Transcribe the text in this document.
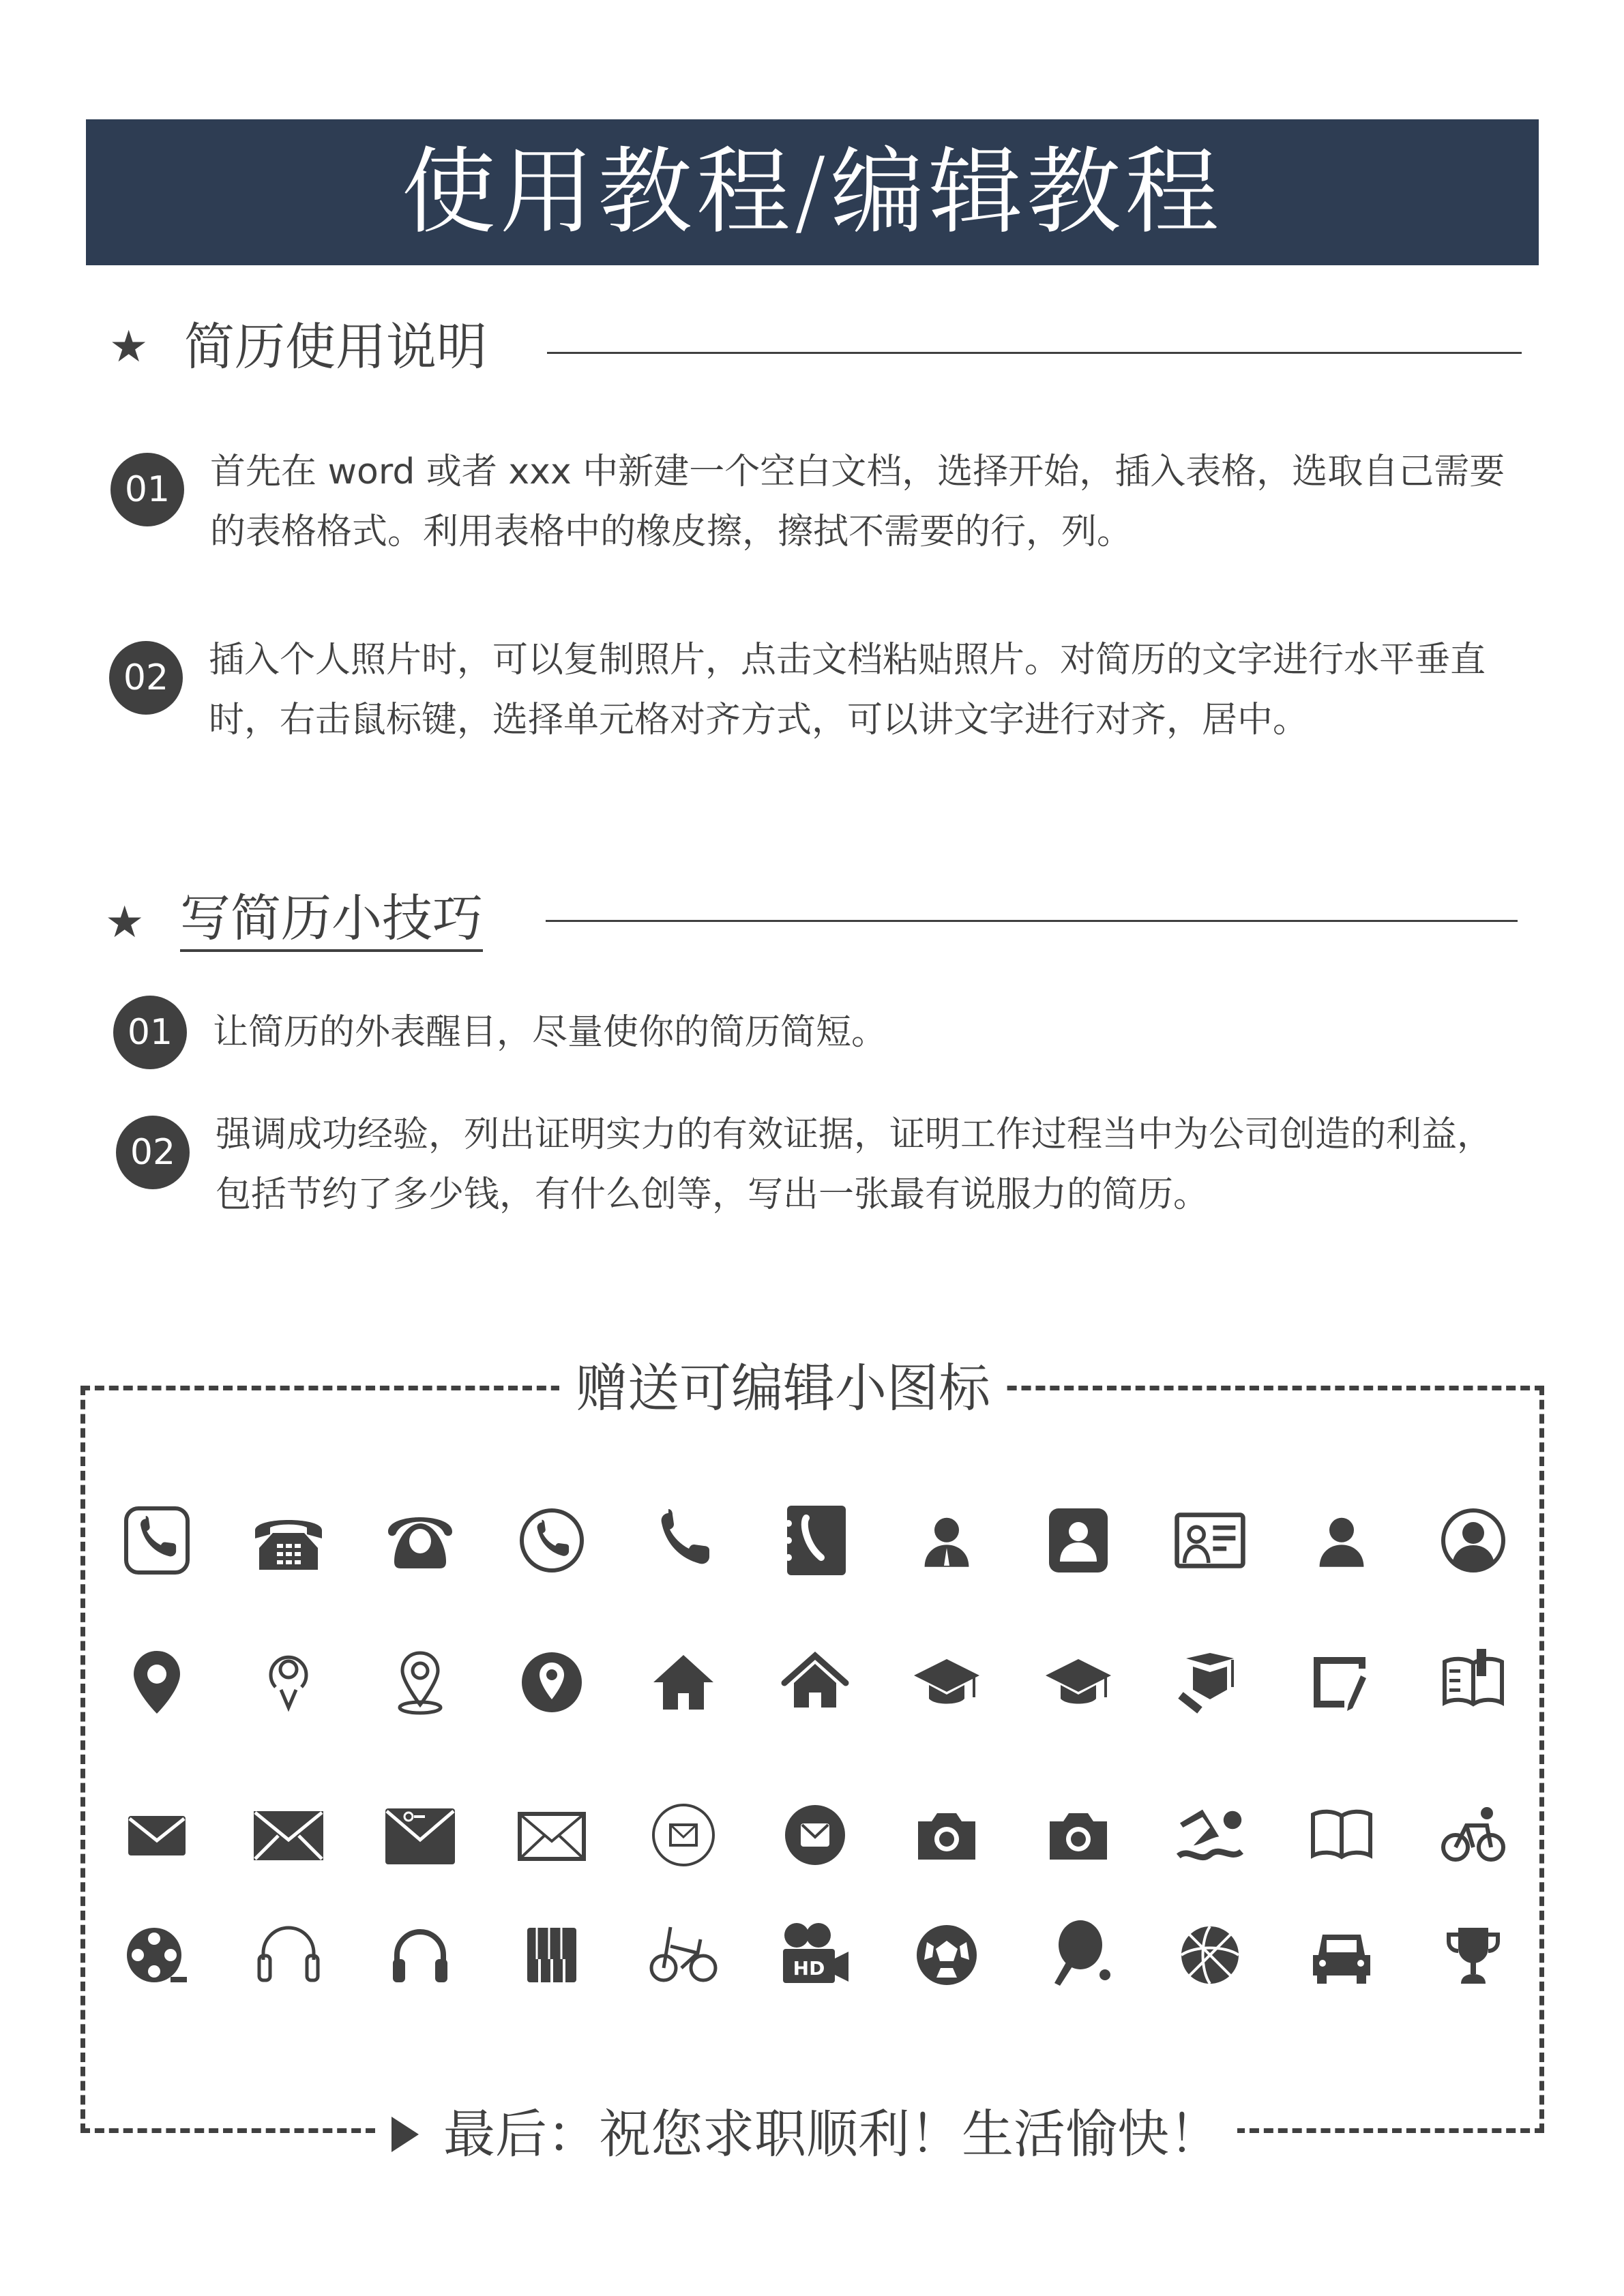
使用教程/编辑教程
★ 简历使用说明
01	首先在 word 或者 xxx 中新建一个空白文档，选择开始，插入表格，选取自己需要的表格格式。利用表格中的橡皮擦，擦拭不需要的行，列。
02	插入个人照片时，可以复制照片，点击文档粘贴照片。对简历的文字进行水平垂直时，右击鼠标键，选择单元格对齐方式，可以讲文字进行对齐，居中。
★ 写简历小技巧
01	让简历的外表醒目，尽量使你的简历简短。
02	强调成功经验，列出证明实力的有效证据，证明工作过程当中为公司创造的利益，包括节约了多少钱，有什么创等，写出一张最有说服力的简历。
赠送可编辑小图标
最后：祝您求职顺利！生活愉快！
HD
